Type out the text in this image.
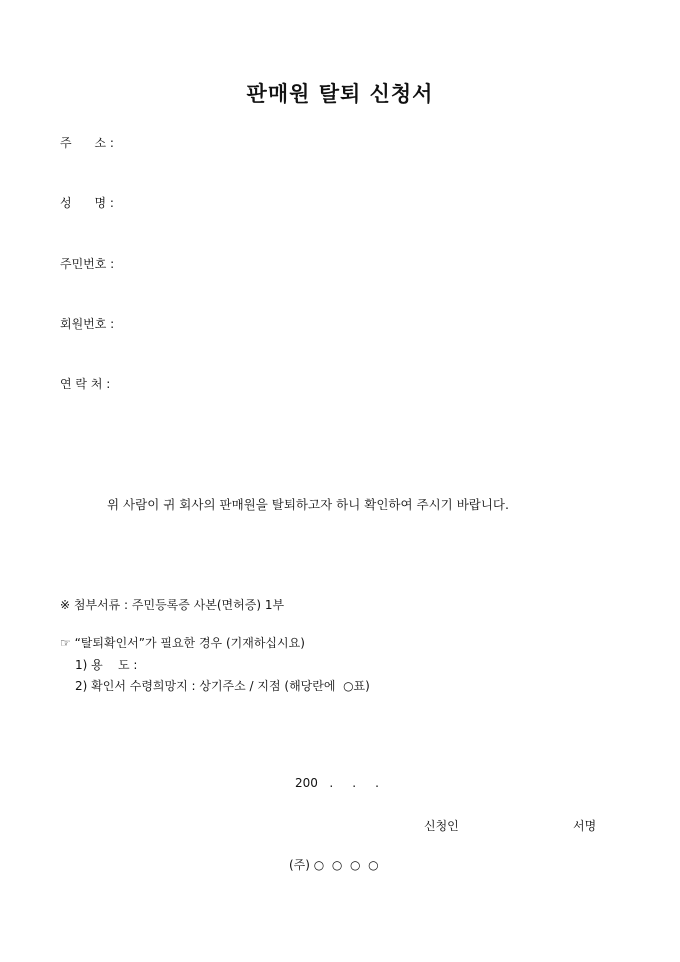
판매원 탈퇴 신청서
주      소 :
성      명 :
주민번호 :
회원번호 :
연 락 처 :
위 사람이 귀 회사의 판매원을 탈퇴하고자 하니 확인하여 주시기 바랍니다.
※ 첨부서류 : 주민등록증 사본(면허증) 1부
☞ “탈퇴확인서”가 필요한 경우 (기재하십시요)
1) 용    도 :
2) 확인서 수령희망지 : 상기주소 / 지점 (해당란에  ○표)
200   .     .     .
신청인	서명
(주) ○  ○  ○  ○
